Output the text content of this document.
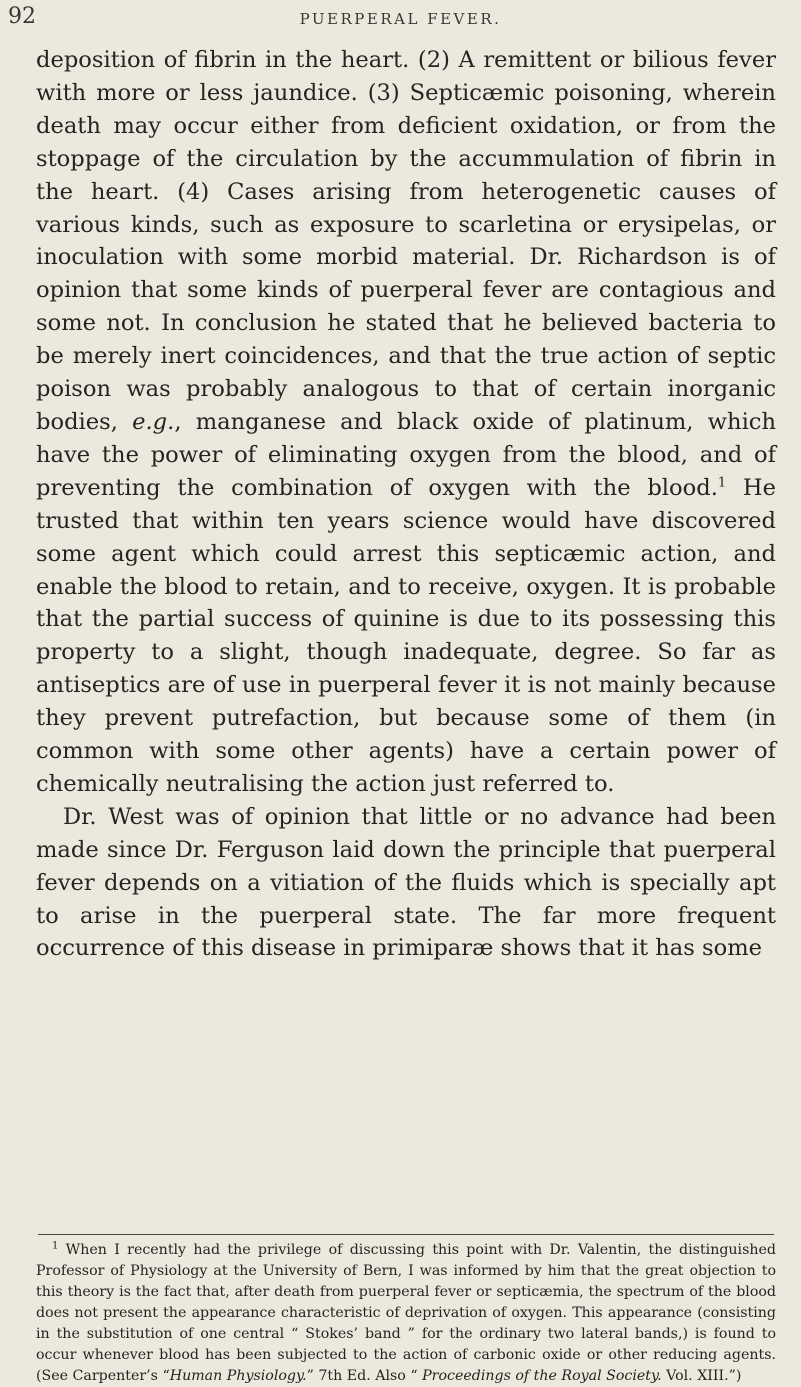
92	PUERPERAL FEVER.

deposition of fibrin in the heart. (2) A remittent or bilious fever with more or less jaundice. (3) Septicæmic poisoning, wherein death may occur either from deficient oxidation, or from the stoppage of the circulation by the accummulation of fibrin in the heart. (4) Cases arising from heterogenetic causes of various kinds, such as exposure to scarletina or erysipelas, or inoculation with some morbid material. Dr. Richardson is of opinion that some kinds of puerperal fever are contagious and some not. In conclusion he stated that he believed bacteria to be merely inert coincidences, and that the true action of septic poison was probably analogous to that of certain inorganic bodies, e.g., manganese and black oxide of platinum, which have the power of eliminating oxygen from the blood, and of preventing the combination of oxygen with the blood.$^1$ He trusted that within ten years science would have discovered some agent which could arrest this septicæmic action, and enable the blood to retain, and to receive, oxygen. It is probable that the partial success of quinine is due to its possessing this property to a slight, though inadequate, degree. So far as antiseptics are of use in puerperal fever it is not mainly because they prevent putrefaction, but because some of them (in common with some other agents) have a certain power of chemically neutralising the action just referred to.

Dr. West was of opinion that little or no advance had been made since Dr. Ferguson laid down the principle that puerperal fever depends on a vitiation of the fluids which is specially apt to arise in the puerperal state. The far more frequent occurrence of this disease in primiparæ shows that it has some

$^1$ When I recently had the privilege of discussing this point with Dr. Valentin, the distinguished Professor of Physiology at the University of Bern, I was informed by him that the great objection to this theory is the fact that, after death from puerperal fever or septicæmia, the spectrum of the blood does not present the appearance characteristic of deprivation of oxygen. This appearance (consisting in the substitution of one central “ Stokes’ band ” for the ordinary two lateral bands,) is found to occur whenever blood has been subjected to the action of carbonic oxide or other reducing agents. (See Carpenter’s “Human Physiology.” 7th Ed. Also “ Proceedings of the Royal Society. Vol. XIII.”)
